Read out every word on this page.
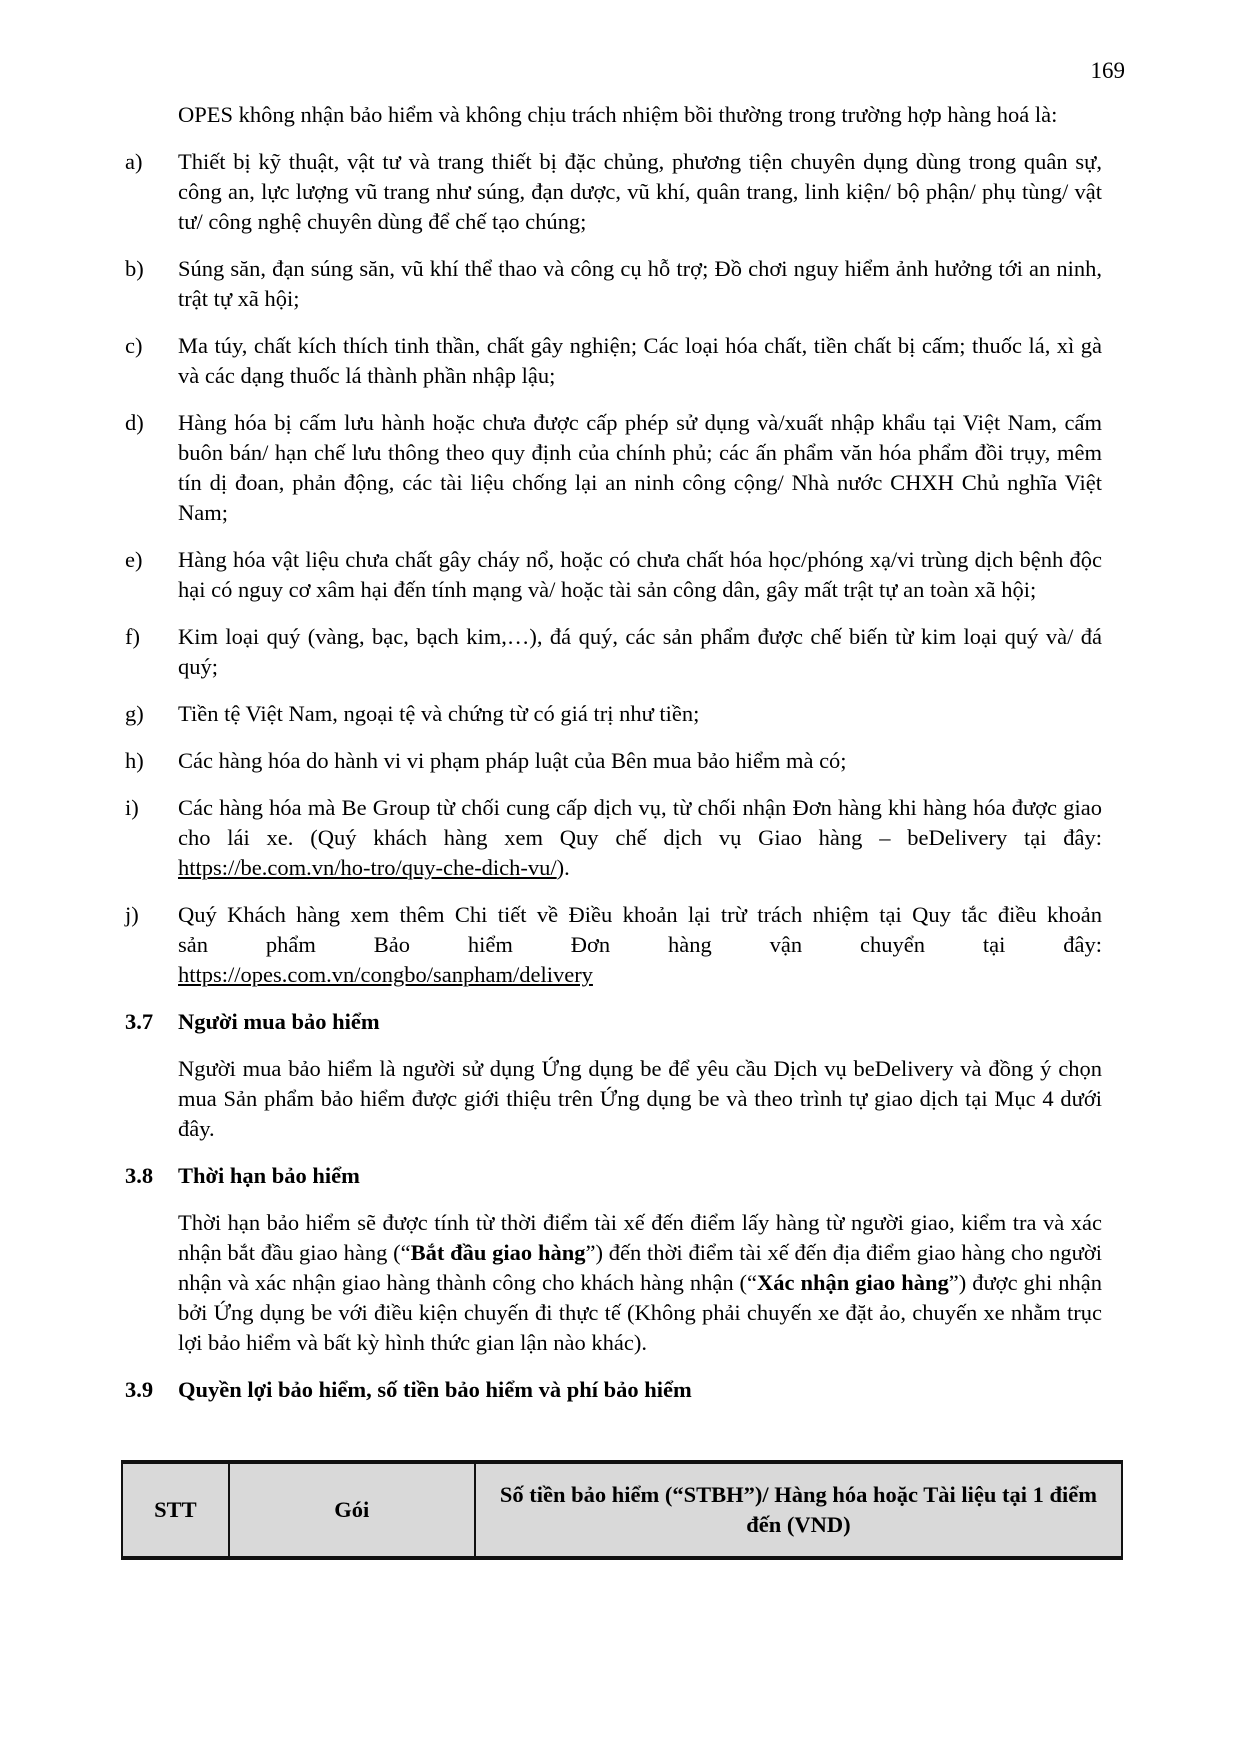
169
OPES không nhận bảo hiểm và không chịu trách nhiệm bồi thường trong trường hợp hàng hoá là:
a) Thiết bị kỹ thuật, vật tư và trang thiết bị đặc chủng, phương tiện chuyên dụng dùng trong quân sự, công an, lực lượng vũ trang như súng, đạn dược, vũ khí, quân trang, linh kiện/ bộ phận/ phụ tùng/ vật tư/ công nghệ chuyên dùng để chế tạo chúng;
b) Súng săn, đạn súng săn, vũ khí thể thao và công cụ hỗ trợ; Đồ chơi nguy hiểm ảnh hưởng tới an ninh, trật tự xã hội;
c) Ma túy, chất kích thích tinh thần, chất gây nghiện; Các loại hóa chất, tiền chất bị cấm; thuốc lá, xì gà và các dạng thuốc lá thành phần nhập lậu;
d) Hàng hóa bị cấm lưu hành hoặc chưa được cấp phép sử dụng và/xuất nhập khẩu tại Việt Nam, cấm buôn bán/ hạn chế lưu thông theo quy định của chính phủ; các ấn phẩm văn hóa phẩm đồi trụy, mêm tín dị đoan, phản động, các tài liệu chống lại an ninh công cộng/ Nhà nước CHXH Chủ nghĩa Việt Nam;
e) Hàng hóa vật liệu chưa chất gây cháy nổ, hoặc có chưa chất hóa học/phóng xạ/vi trùng dịch bệnh độc hại có nguy cơ xâm hại đến tính mạng và/ hoặc tài sản công dân, gây mất trật tự an toàn xã hội;
f) Kim loại quý (vàng, bạc, bạch kim,…), đá quý, các sản phẩm được chế biến từ kim loại quý và/ đá quý;
g) Tiền tệ Việt Nam, ngoại tệ và chứng từ có giá trị như tiền;
h) Các hàng hóa do hành vi vi phạm pháp luật của Bên mua bảo hiểm mà có;
i) Các hàng hóa mà Be Group từ chối cung cấp dịch vụ, từ chối nhận Đơn hàng khi hàng hóa được giao cho lái xe. (Quý khách hàng xem Quy chế dịch vụ Giao hàng – beDelivery tại đây: https://be.com.vn/ho-tro/quy-che-dich-vu/).
j) Quý Khách hàng xem thêm Chi tiết về Điều khoản lại trừ trách nhiệm tại Quy tắc điều khoản
sản phẩm Bảo hiểm Đơn hàng vận chuyển tại đây:
https://opes.com.vn/congbo/sanpham/delivery
3.7 Người mua bảo hiểm
Người mua bảo hiểm là người sử dụng Ứng dụng be để yêu cầu Dịch vụ beDelivery và đồng ý chọn mua Sản phẩm bảo hiểm được giới thiệu trên Ứng dụng be và theo trình tự giao dịch tại Mục 4 dưới đây.
3.8 Thời hạn bảo hiểm
Thời hạn bảo hiểm sẽ được tính từ thời điểm tài xế đến điểm lấy hàng từ người giao, kiểm tra và xác nhận bắt đầu giao hàng (“Bắt đầu giao hàng”) đến thời điểm tài xế đến địa điểm giao hàng cho người nhận và xác nhận giao hàng thành công cho khách hàng nhận (“Xác nhận giao hàng”) được ghi nhận bởi Ứng dụng be với điều kiện chuyến đi thực tế (Không phải chuyến xe đặt ảo, chuyến xe nhằm trục lợi bảo hiểm và bất kỳ hình thức gian lận nào khác).
3.9 Quyền lợi bảo hiểm, số tiền bảo hiểm và phí bảo hiểm
STT	Gói
Số tiền bảo hiểm (“STBH”)/ Hàng hóa hoặc Tài liệu tại 1 điểm đến (VND)
